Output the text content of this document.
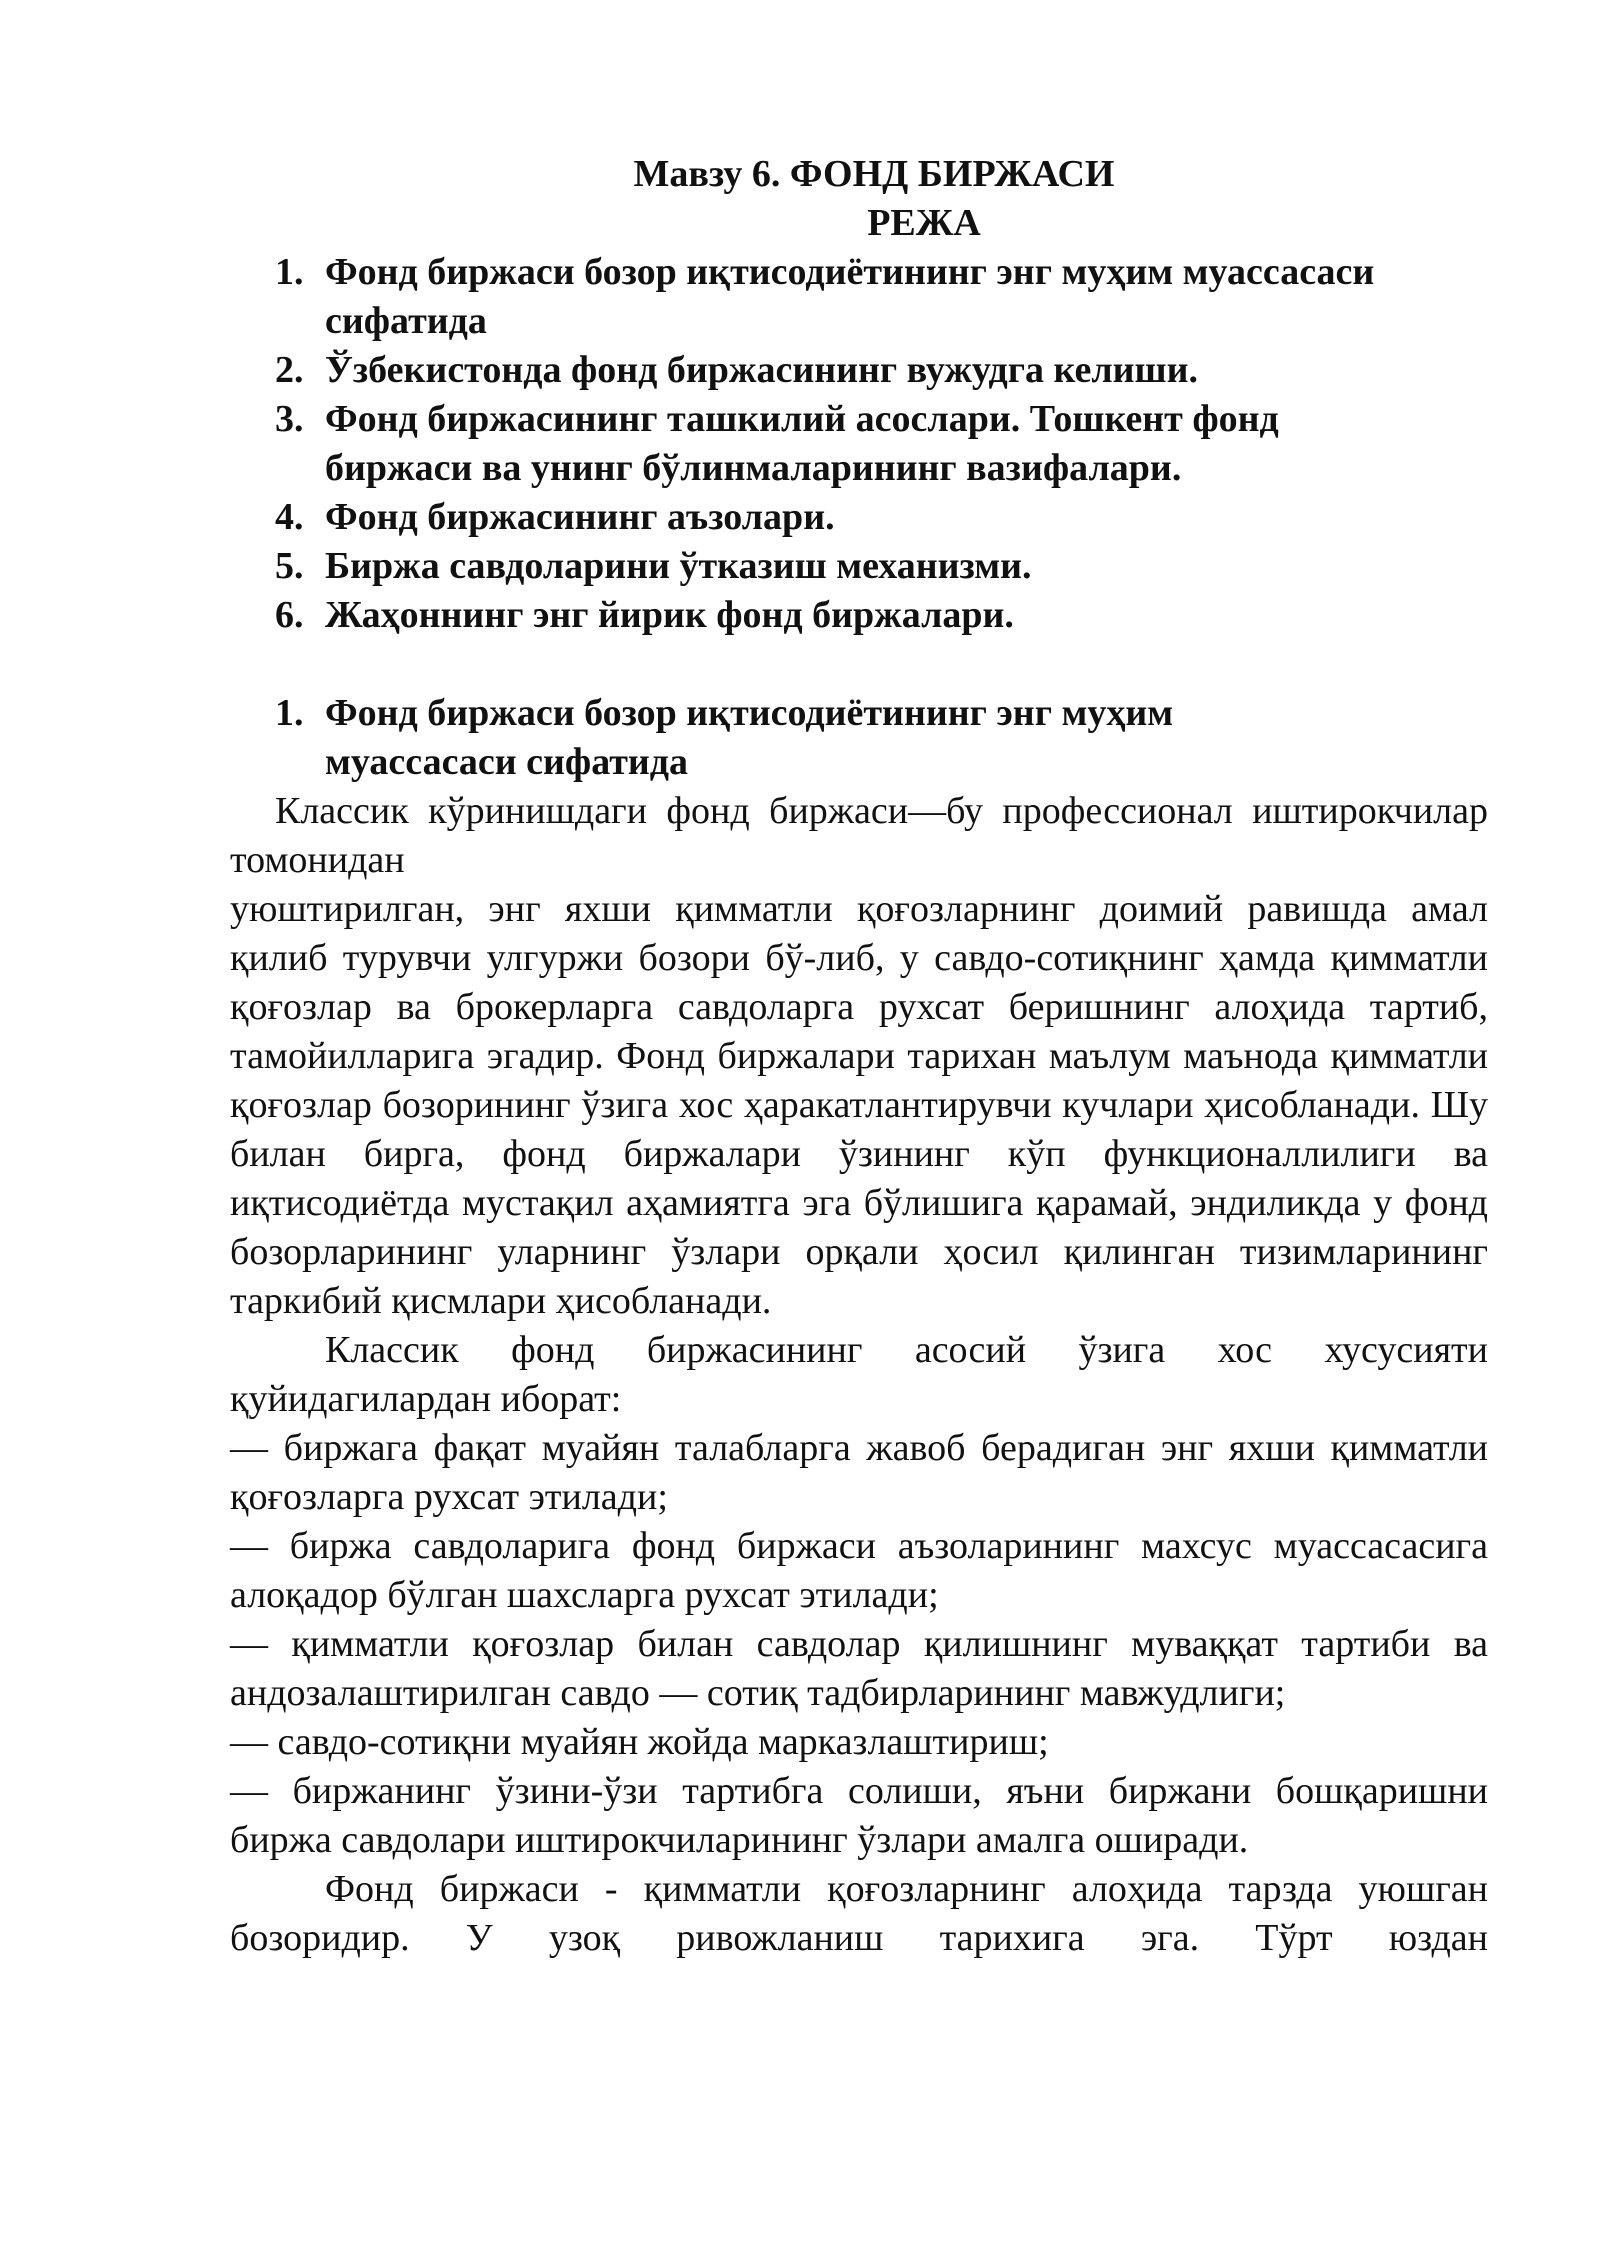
Мавзу 6. ФОНД БИРЖАСИ
РЕЖА
1. Фонд биржаси бозор иқтисодиётининг энг муҳим муассасаси сифатида
2. Ўзбекистонда фонд биржасининг вужудга келиши.
3. Фонд биржасининг ташкилий асослари. Тошкент фонд биржаси ва унинг бўлинмаларининг вазифалари.
4. Фонд биржасининг аъзолари.
5. Биржа савдоларини ўтказиш механизми.
6. Жаҳоннинг энг йирик фонд биржалари.
1. Фонд биржаси бозор иқтисодиётининг энг муҳим муассасаси сифатида

Классик кўринишдаги фонд биржаси—бу профессионал иштирокчилар томонидан

уюштирилган, энг яхши қимматли қоғозларнинг доимий равишда амал қилиб турувчи улгуржи бозори бў-либ, у савдо-сотиқнинг ҳамда қимматли қоғозлар ва брокерларга савдоларга рухсат беришнинг алоҳида тартиб, тамойилларига эгадир. Фонд биржалари тарихан маълум маънода қимматли қоғозлар бозорининг ўзига хос ҳаракатлантирувчи кучлари ҳисобланади. Шу билан бирга, фонд биржалари ўзининг кўп функционаллилиги ва иқтисодиётда мустақил аҳамиятга эга бўлишига қарамай, эндиликда у фонд бозорларининг уларнинг ўзлари орқали ҳосил қилинган тизимларининг таркибий қисмлари ҳисобланади.

Классик фонд биржасининг асосий ўзига хос хусусияти қуйидагилардан иборат:

— биржага фақат муайян талабларга жавоб берадиган энг яхши қимматли қоғозларга рухсат этилади;

— биржа савдоларига фонд биржаси аъзоларининг махсус муассасасига алоқадор бўлган шахсларга рухсат этилади;

— қимматли қоғозлар билан савдолар қилишнинг муваққат тартиби ва андозалаштирилган савдо — сотиқ тадбирларининг мавжудлиги;

— савдо-сотиқни муайян жойда марказлаштириш;

— биржанинг ўзини-ўзи тартибга солиши, яъни биржани бошқаришни биржа савдолари иштирокчиларининг ўзлари амалга оширади.

Фонд биржаси - қимматли қоғозларнинг алоҳида тарзда уюшган бозоридир. У узоқ ривожланиш тарихига эга. Тўрт юздан
